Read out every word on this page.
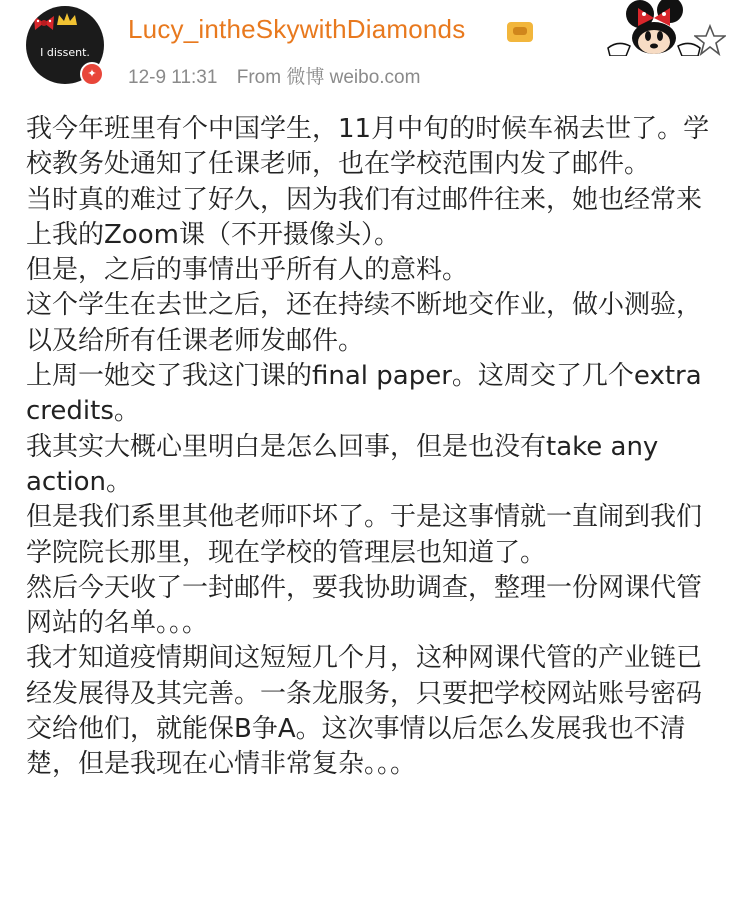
I dissent.
✦
Lucy_intheSkywithDiamonds
12-9 11:31 From 微博 weibo.com

我今年班里有个中国学生，11月中旬的时候车祸去世了。学校教务处通知了任课老师，也在学校范围内发了邮件。

当时真的难过了好久，因为我们有过邮件往来，她也经常来上我的Zoom课（不开摄像头）。

但是，之后的事情出乎所有人的意料。

这个学生在去世之后，还在持续不断地交作业，做小测验，以及给所有任课老师发邮件。

上周一她交了我这门课的final paper。这周交了几个extra credits。

我其实大概心里明白是怎么回事，但是也没有take any action。

但是我们系里其他老师吓坏了。于是这事情就一直闹到我们学院院长那里，现在学校的管理层也知道了。

然后今天收了一封邮件，要我协助调查，整理一份网课代管网站的名单。。。

我才知道疫情期间这短短几个月，这种网课代管的产业链已经发展得及其完善。一条龙服务，只要把学校网站账号密码交给他们，就能保B争A。这次事情以后怎么发展我也不清楚，但是我现在心情非常复杂。。。
